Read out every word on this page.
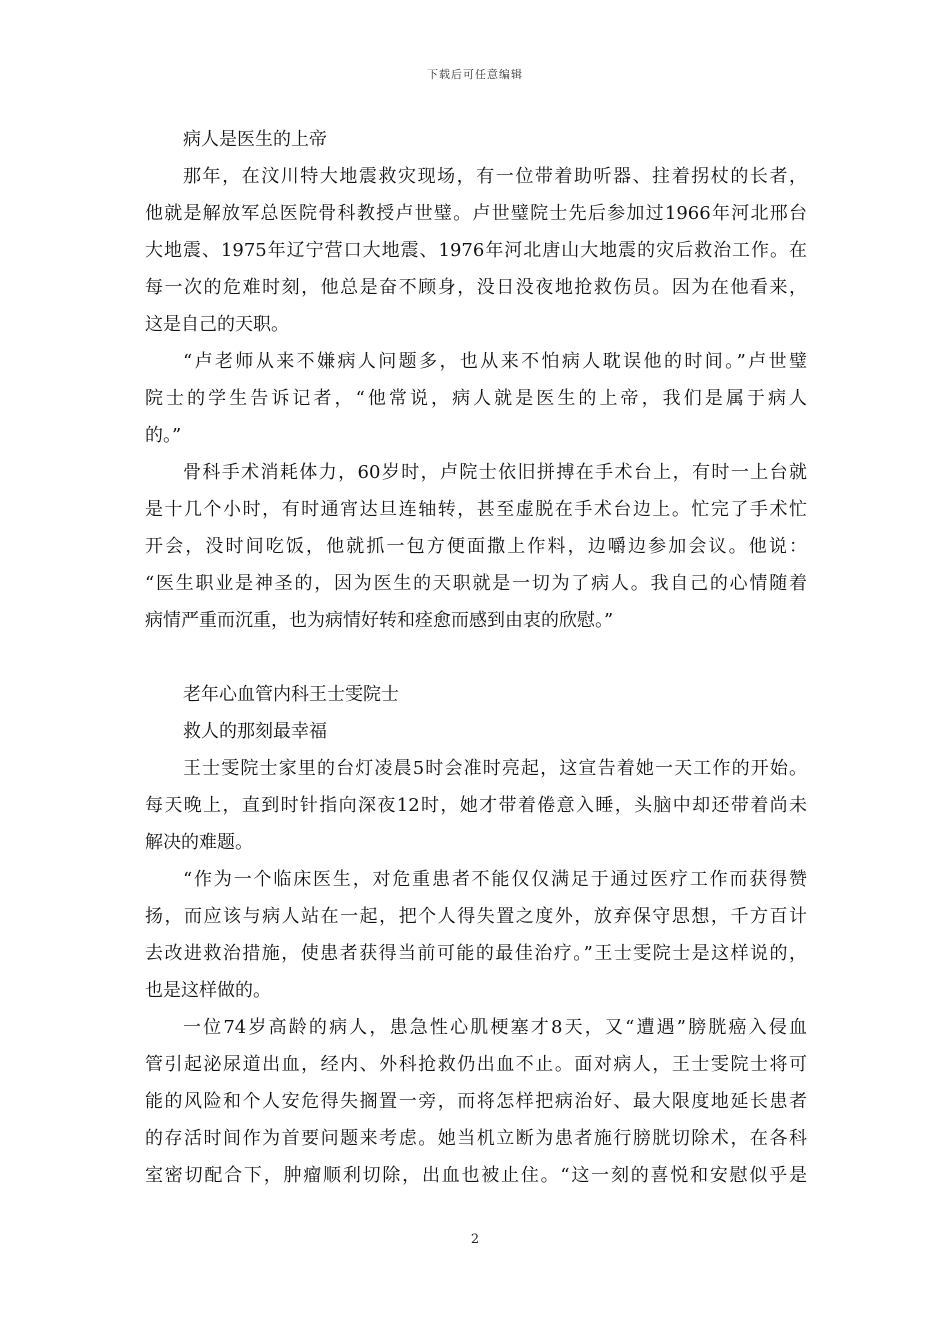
下载后可任意编辑
病人是医生的上帝
那年，在汶川特大地震救灾现场，有一位带着助听器、拄着拐杖的长者，
他就是解放军总医院骨科教授卢世璧。卢世璧院士先后参加过1966年河北邢台
大地震、1975年辽宁营口大地震、1976年河北唐山大地震的灾后救治工作。在
每一次的危难时刻，他总是奋不顾身，没日没夜地抢救伤员。因为在他看来，
这是自己的天职。
“卢老师从来不嫌病人问题多，也从来不怕病人耽误他的时间。”卢世璧
院士的学生告诉记者，“他常说，病人就是医生的上帝，我们是属于病人
的。”
骨科手术消耗体力，60岁时，卢院士依旧拼搏在手术台上，有时一上台就
是十几个小时，有时通宵达旦连轴转，甚至虚脱在手术台边上。忙完了手术忙
开会，没时间吃饭，他就抓一包方便面撒上作料，边嚼边参加会议。他说：
“医生职业是神圣的，因为医生的天职就是一切为了病人。我自己的心情随着
病情严重而沉重，也为病情好转和痊愈而感到由衷的欣慰。”
老年心血管内科王士雯院士
救人的那刻最幸福
王士雯院士家里的台灯凌晨5时会准时亮起，这宣告着她一天工作的开始。
每天晚上，直到时针指向深夜12时，她才带着倦意入睡，头脑中却还带着尚未
解决的难题。
“作为一个临床医生，对危重患者不能仅仅满足于通过医疗工作而获得赞
扬，而应该与病人站在一起，把个人得失置之度外，放弃保守思想，千方百计
去改进救治措施，使患者获得当前可能的最佳治疗。”王士雯院士是这样说的，
也是这样做的。
一位74岁高龄的病人，患急性心肌梗塞才8天，又“遭遇”膀胱癌入侵血
管引起泌尿道出血，经内、外科抢救仍出血不止。面对病人，王士雯院士将可
能的风险和个人安危得失搁置一旁，而将怎样把病治好、最大限度地延长患者
的存活时间作为首要问题来考虑。她当机立断为患者施行膀胱切除术，在各科
室密切配合下，肿瘤顺利切除，出血也被止住。“这一刻的喜悦和安慰似乎是
2
